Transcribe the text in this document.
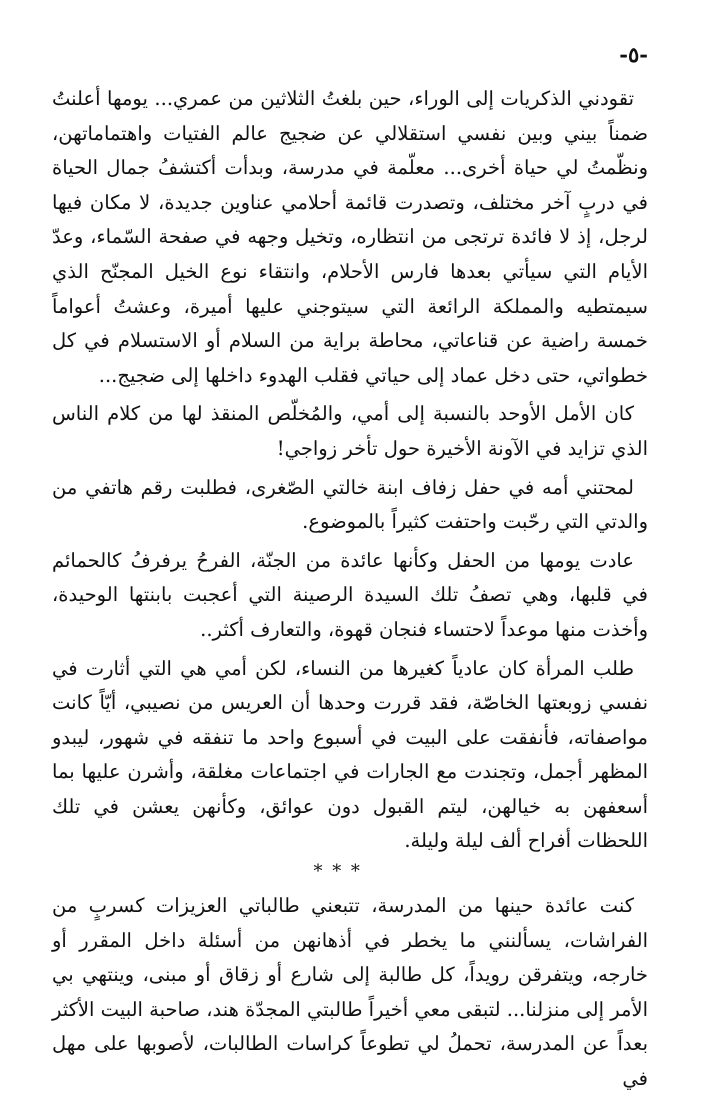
-٥-

تقودني الذكريات إلى الوراء، حين بلغتُ الثلاثين من عمري... يومها أعلنتُ ضمناً بيني وبين نفسي استقلالي عن ضجيج عالم الفتيات واهتماماتهن، ونظّمتُ لي حياة أخرى... معلّمة في مدرسة، وبدأت أكتشفُ جمال الحياة في دربٍ آخر مختلف، وتصدرت قائمة أحلامي عناوين جديدة، لا مكان فيها لرجل، إذ لا فائدة ترتجى من انتظاره، وتخيل وجهه في صفحة السّماء، وعدّ الأيام التي سيأتي بعدها فارس الأحلام، وانتقاء نوع الخيل المجنّح الذي سيمتطيه والمملكة الرائعة التي سيتوجني عليها أميرة، وعشتُ أعواماً خمسة راضية عن قناعاتي، محاطة براية من السلام أو الاستسلام في كل خطواتي، حتى دخل عماد إلى حياتي فقلب الهدوء داخلها إلى ضجيج...

كان الأمل الأوحد بالنسبة إلى أمي، والمُخلّص المنقذ لها من كلام الناس الذي تزايد في الآونة الأخيرة حول تأخر زواجي!

لمحتني أمه في حفل زفاف ابنة خالتي الصّغرى، فطلبت رقم هاتفي من والدتي التي رحّبت واحتفت كثيراً بالموضوع.

عادت يومها من الحفل وكأنها عائدة من الجنّة، الفرحُ يرفرفُ كالحمائم في قلبها، وهي تصفُ تلك السيدة الرصينة التي أعجبت بابنتها الوحيدة، وأخذت منها موعداً لاحتساء فنجان قهوة، والتعارف أكثر..

طلب المرأة كان عادياً كغيرها من النساء، لكن أمي هي التي أثارت في نفسي زوبعتها الخاصّة، فقد قررت وحدها أن العريس من نصيبي، أيّاً كانت مواصفاته، فأنفقت على البيت في أسبوع واحد ما تنفقه في شهور، ليبدو المظهر أجمل، وتجندت مع الجارات في اجتماعات مغلقة، وأشرن عليها بما أسعفهن به خيالهن، ليتم القبول دون عوائق، وكأنهن يعشن في تلك اللحظات أفراح ألف ليلة وليلة.

* * *

كنت عائدة حينها من المدرسة، تتبعني طالباتي العزيزات كسربٍ من الفراشات، يسألنني ما يخطر في أذهانهن من أسئلة داخل المقرر أو خارجه، ويتفرقن رويداً، كل طالبة إلى شارع أو زقاق أو مبنى، وينتهي بي الأمر إلى منزلنا... لتبقى معي أخيراً طالبتي المجدّة هند، صاحبة البيت الأكثر بعداً عن المدرسة، تحملُ لي تطوعاً كراسات الطالبات، لأصوبها على مهل في
